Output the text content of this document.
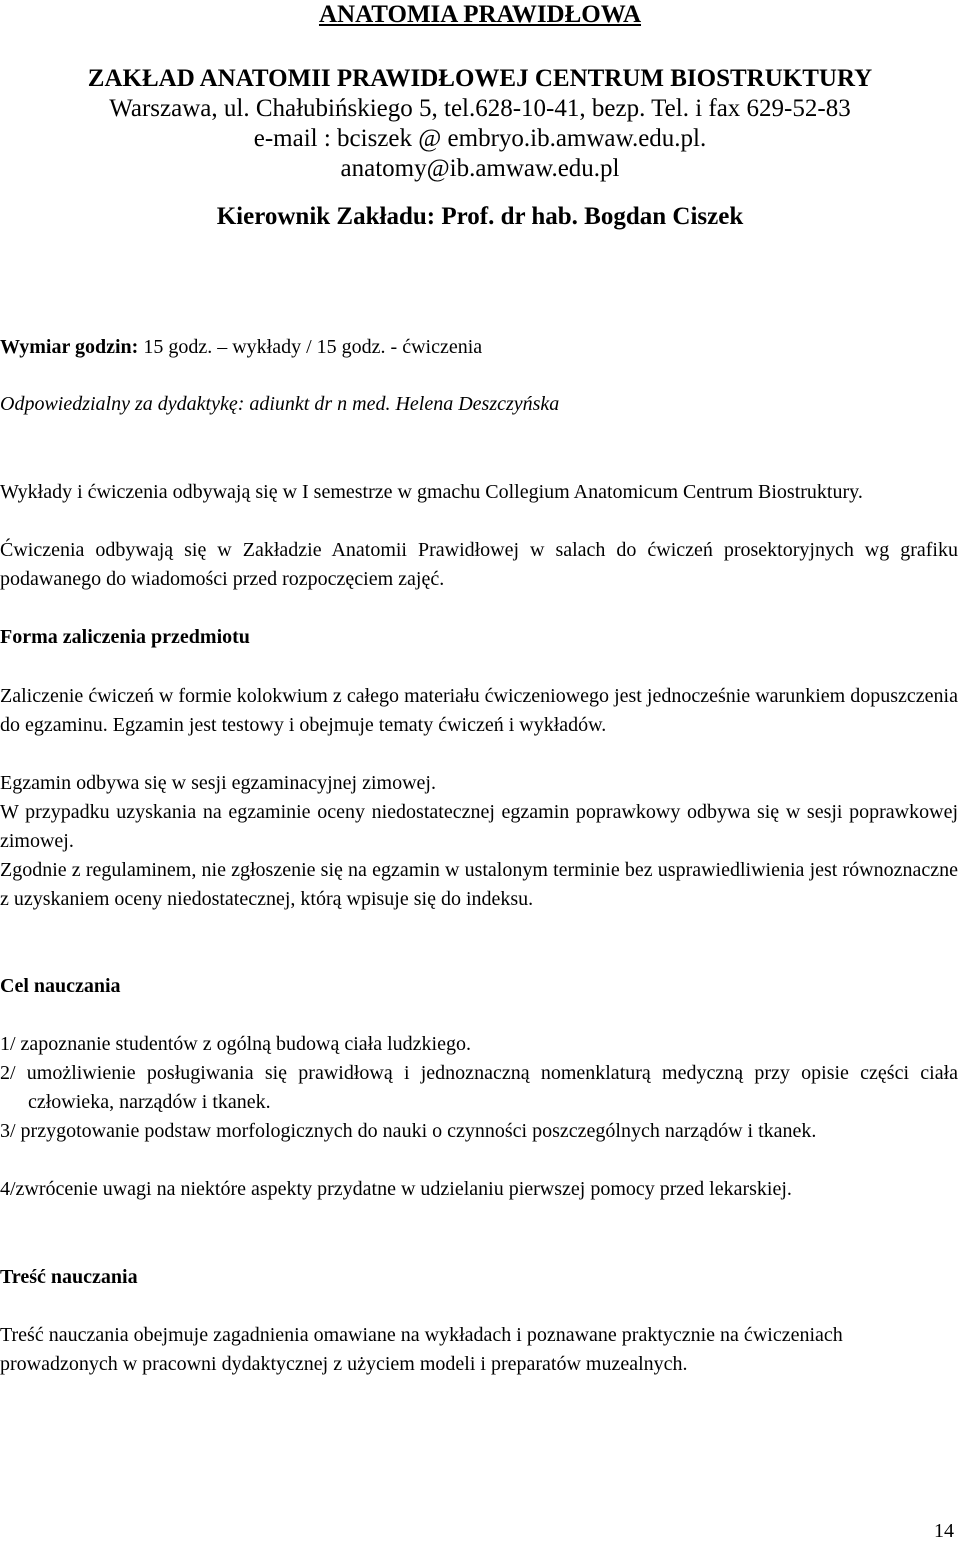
ANATOMIA PRAWIDŁOWA
ZAKŁAD ANATOMII PRAWIDŁOWEJ CENTRUM BIOSTRUKTURY
Warszawa, ul. Chałubińskiego 5, tel.628-10-41, bezp. Tel. i fax 629-52-83
e-mail : bciszek @ embryo.ib.amwaw.edu.pl.
anatomy@ib.amwaw.edu.pl
Kierownik Zakładu: Prof. dr hab. Bogdan Ciszek
Wymiar godzin: 15 godz. – wykłady / 15 godz. - ćwiczenia
Odpowiedzialny za dydaktykę: adiunkt dr n med. Helena Deszczyńska

Wykłady i ćwiczenia odbywają się w I semestrze w gmachu Collegium Anatomicum Centrum Biostruktury.

Ćwiczenia odbywają się w Zakładzie Anatomii Prawidłowej w salach do ćwiczeń prosektoryjnych wg grafiku podawanego do wiadomości przed rozpoczęciem zajęć.

Forma zaliczenia przedmiotu

Zaliczenie ćwiczeń w formie kolokwium z całego materiału ćwiczeniowego jest jednocześnie warunkiem dopuszczenia do egzaminu. Egzamin jest testowy i obejmuje tematy ćwiczeń i wykładów.

Egzamin odbywa się w sesji egzaminacyjnej zimowej.

W przypadku uzyskania na egzaminie oceny niedostatecznej egzamin poprawkowy odbywa się w sesji poprawkowej zimowej.

Zgodnie z regulaminem, nie zgłoszenie się na egzamin w ustalonym terminie bez usprawiedliwienia jest równoznaczne z uzyskaniem oceny niedostatecznej, którą wpisuje się do indeksu.

Cel nauczania

1/ zapoznanie studentów z ogólną budową ciała ludzkiego.

2/ umożliwienie posługiwania się prawidłową i jednoznaczną nomenklaturą medyczną przy opisie części ciała człowieka, narządów i tkanek.

3/ przygotowanie podstaw morfologicznych do nauki o czynności poszczególnych narządów i tkanek.

4/zwrócenie uwagi na niektóre aspekty przydatne w udzielaniu pierwszej pomocy przed lekarskiej.

Treść nauczania

Treść nauczania obejmuje zagadnienia omawiane na wykładach i poznawane praktycznie na ćwiczeniach prowadzonych w pracowni dydaktycznej z użyciem modeli i preparatów muzealnych.

14
